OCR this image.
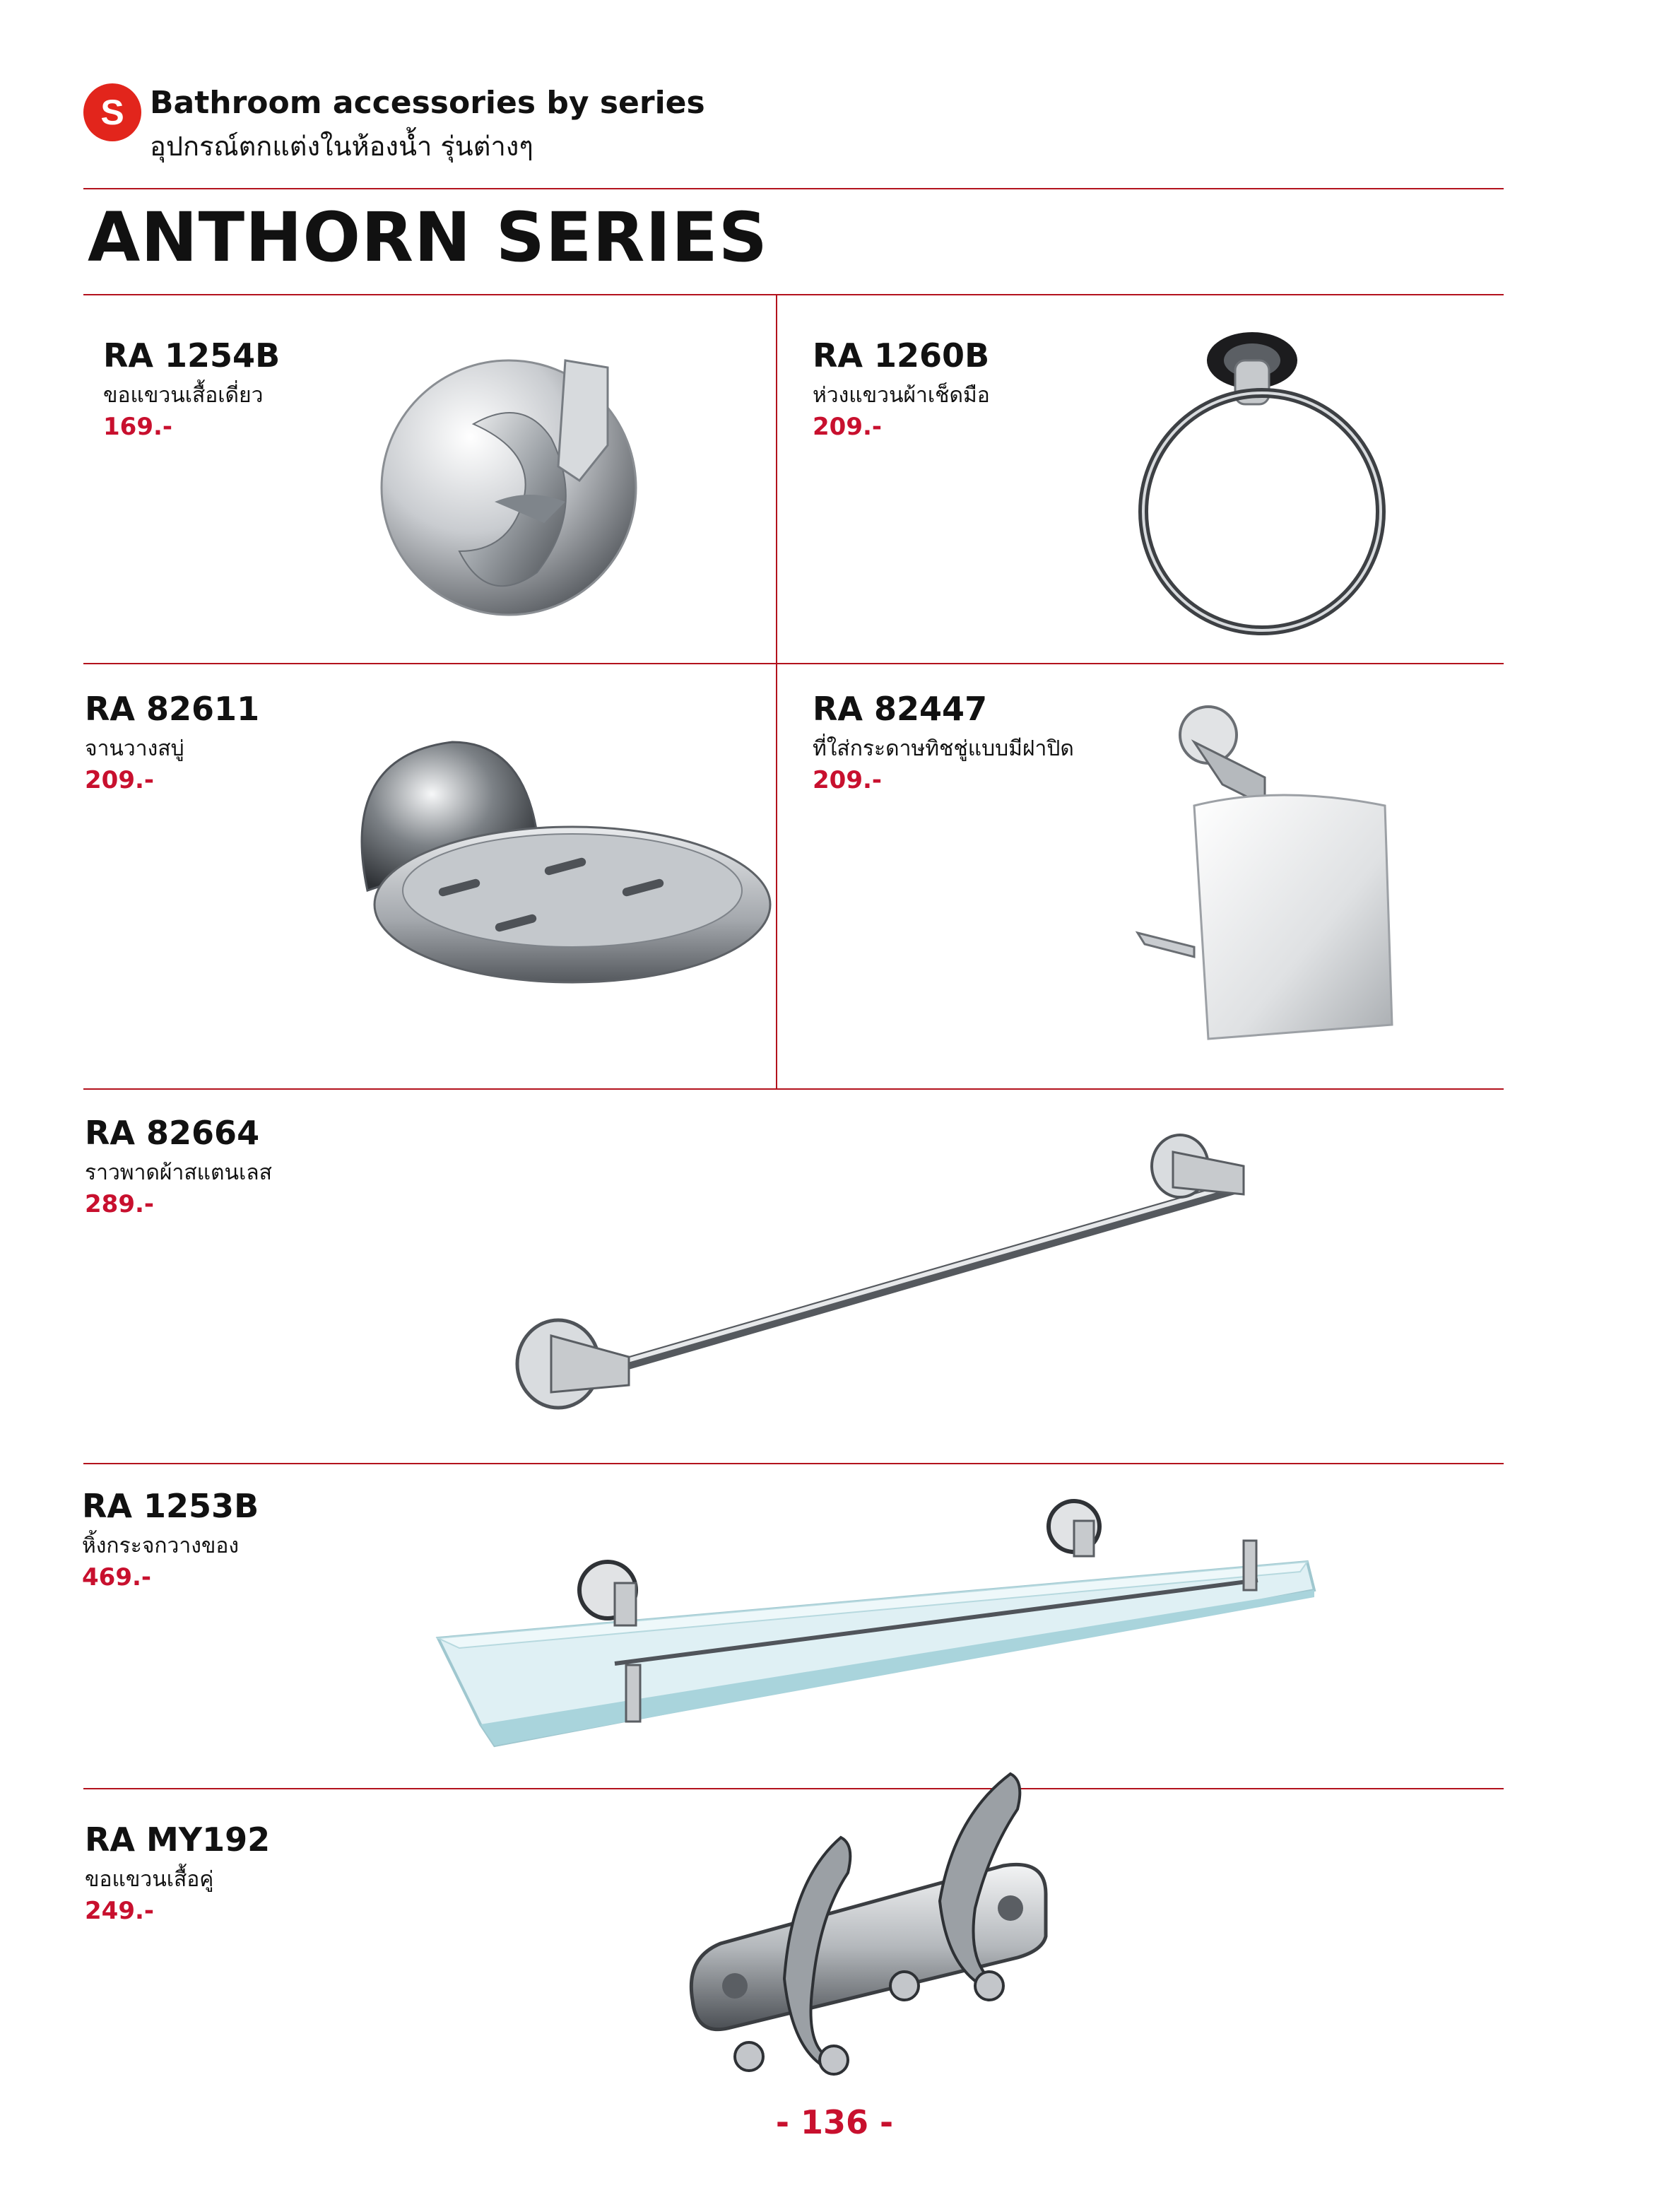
S Bathroom accessories by series
อุปกรณ์ตกแต่งในห้องน้ำ รุ่นต่างๆ
ANTHORN SERIES
RA 1254B
ขอแขวนเสื้อเดี่ยว
169.-
RA 1260B
ห่วงแขวนผ้าเช็ดมือ
209.-
RA 82611
จานวางสบู่
209.-
RA 82447
ที่ใส่กระดาษทิชชู่แบบมีฝาปิด
209.-
RA 82664
ราวพาดผ้าสแตนเลส
289.-
RA 1253B
หิ้งกระจกวางของ
469.-
RA MY192
ขอแขวนเสื้อคู่
249.-
- 136 -
